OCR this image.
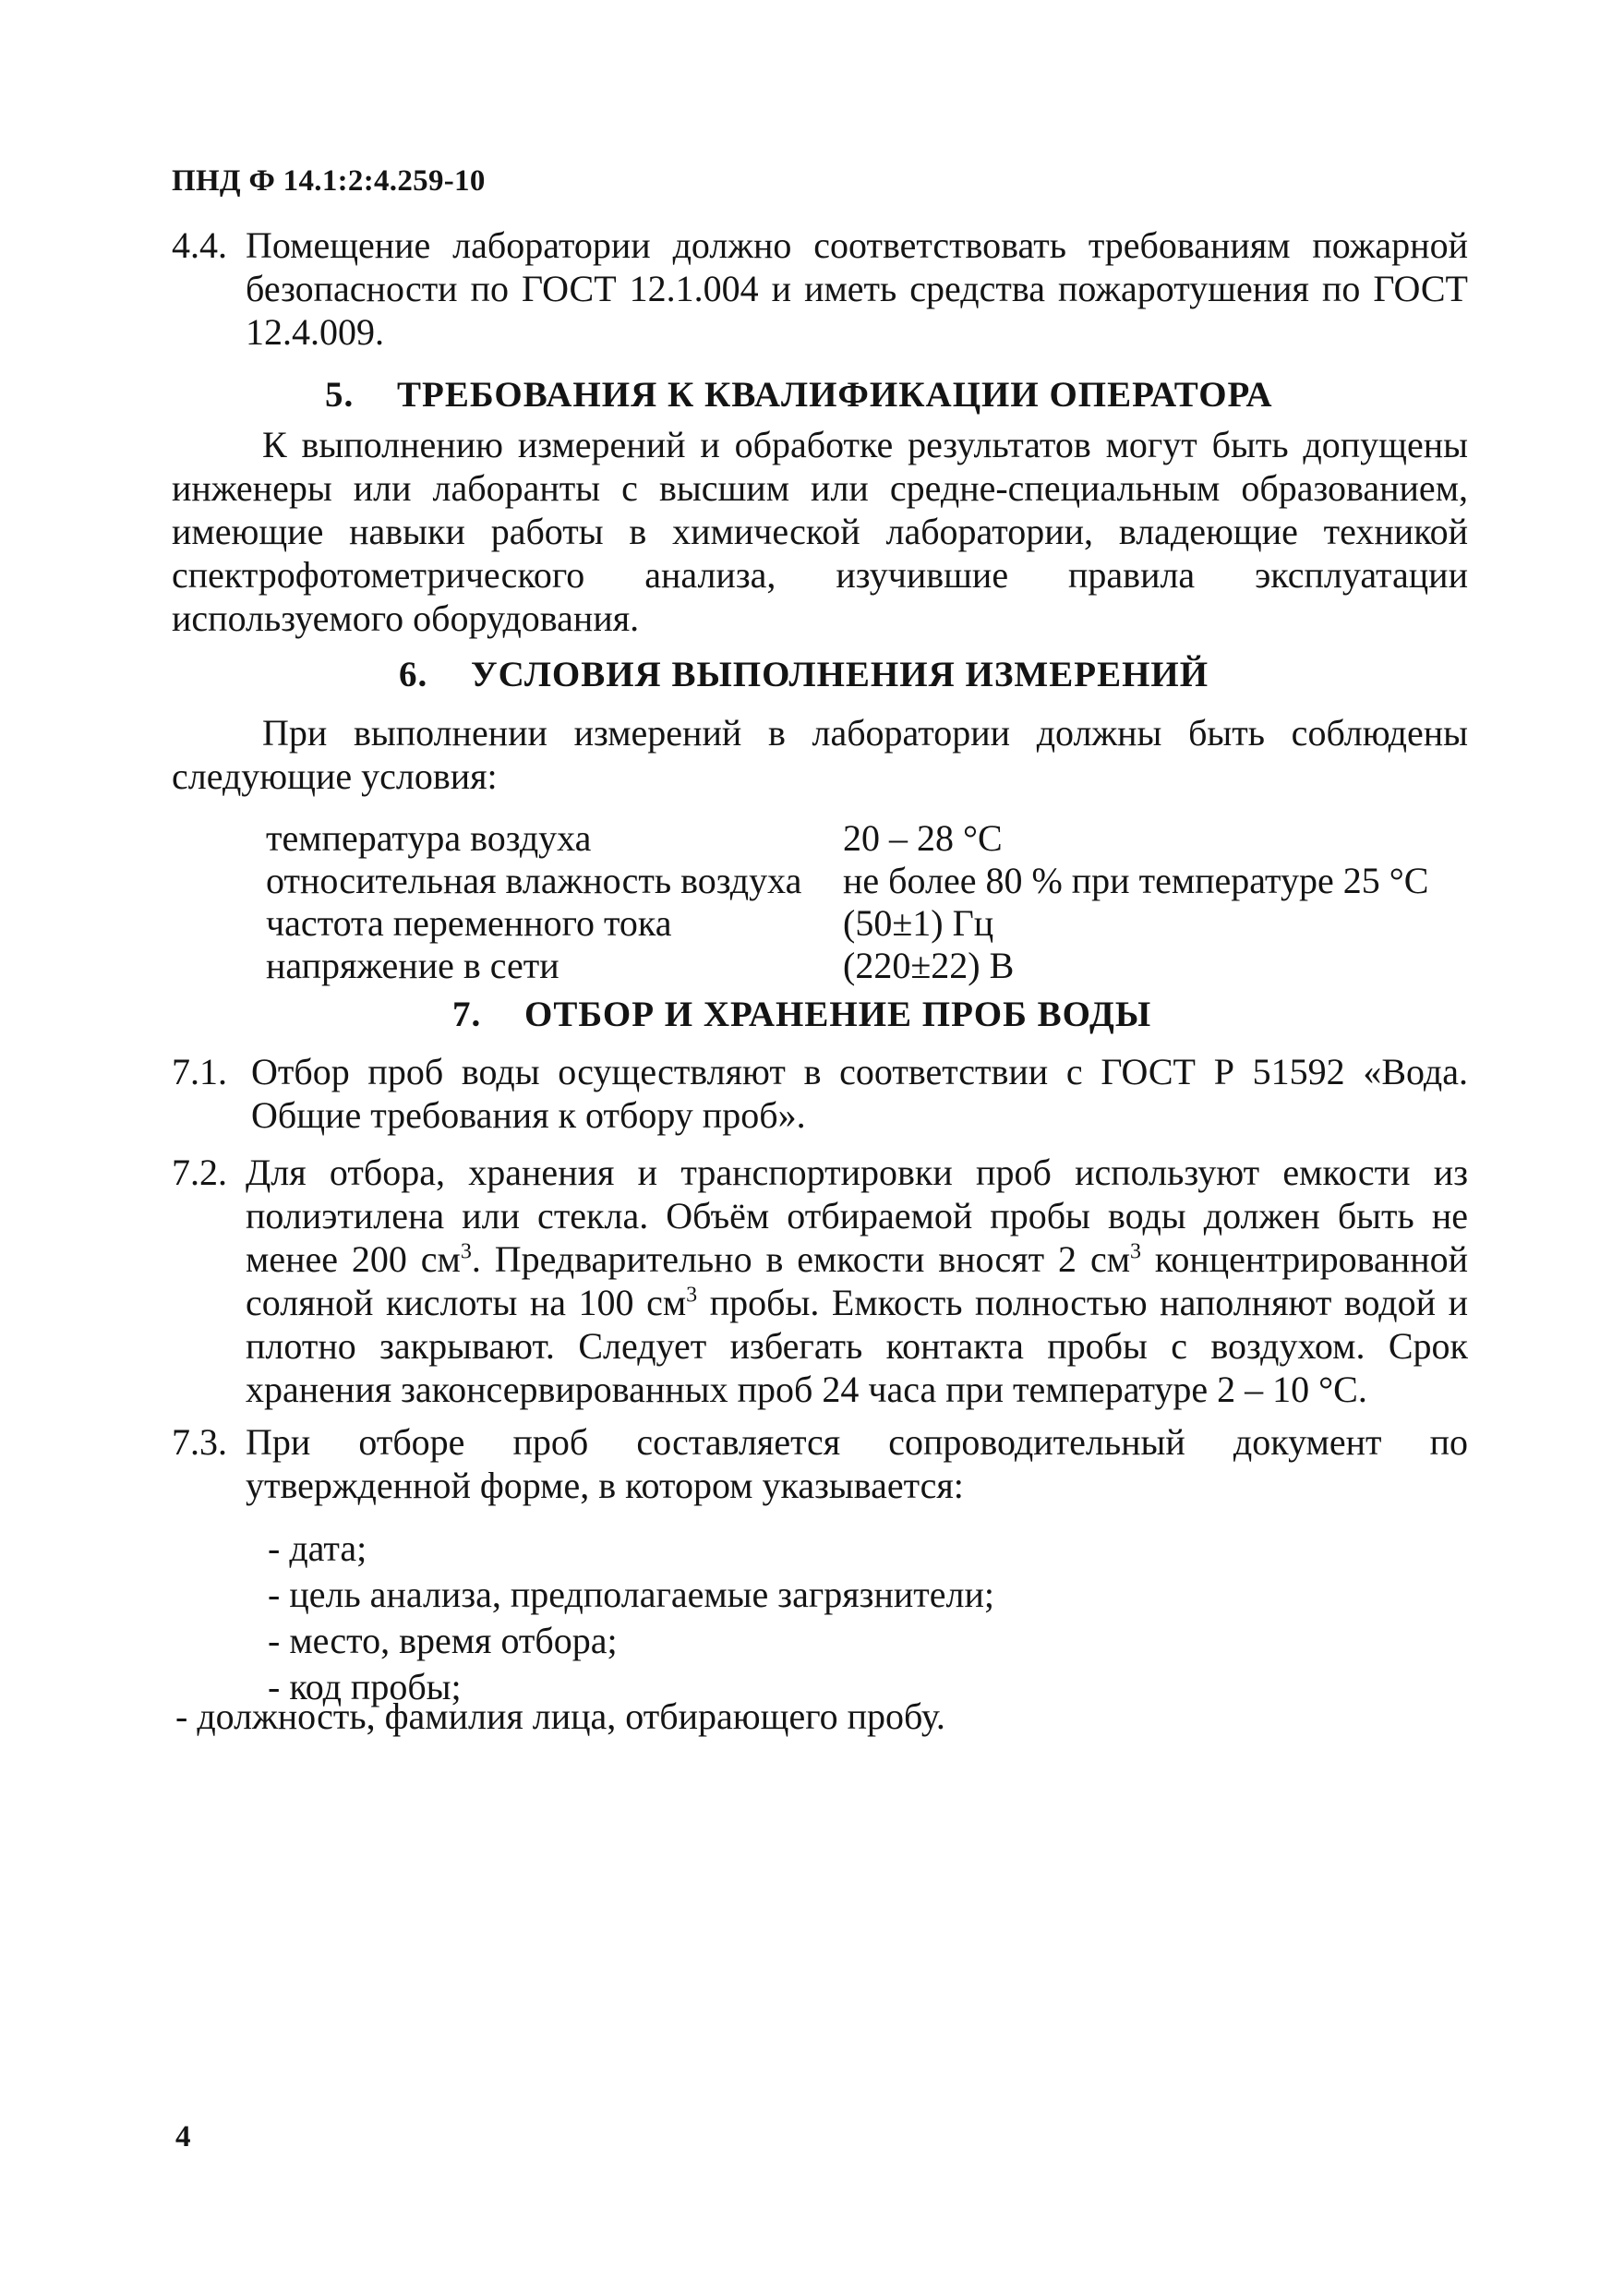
ПНД Ф 14.1:2:4.259-10
4.4. Помещение лаборатории должно соответствовать требованиям пожарной безопасности по ГОСТ 12.1.004 и иметь средства пожаротушения по ГОСТ 12.4.009.
5. ТРЕБОВАНИЯ К КВАЛИФИКАЦИИ ОПЕРАТОРА
К выполнению измерений и обработке результатов могут быть допущены инженеры или лаборанты с высшим или средне-специальным образованием, имеющие навыки работы в химической лаборатории, владеющие техникой спектрофотометрического анализа, изучившие правила эксплуатации используемого оборудования.
6. УСЛОВИЯ ВЫПОЛНЕНИЯ ИЗМЕРЕНИЙ
При выполнении измерений в лаборатории должны быть соблюдены следующие условия:
температура воздуха	20 – 28 °С
относительная влажность воздуха	не более 80 % при температуре 25 °С
частота переменного тока	(50±1) Гц
напряжение в сети	(220±22) В
7. ОТБОР И ХРАНЕНИЕ ПРОБ ВОДЫ
7.1. Отбор проб воды осуществляют в соответствии с ГОСТ Р 51592 «Вода. Общие требования к отбору проб».
7.2. Для отбора, хранения и транспортировки проб используют емкости из полиэтилена или стекла. Объём отбираемой пробы воды должен быть не менее 200 $см^3$. Предварительно в емкости вносят 2 $см^3$ концентрированной соляной кислоты на 100 $см^3$ пробы. Емкость полностью наполняют водой и плотно закрывают. Следует избегать контакта пробы с воздухом. Срок хранения законсервированных проб 24 часа при температуре 2 – 10 °С.
7.3. При отборе проб составляется сопроводительный документ по утвержденной форме, в котором указывается:
- дата;
- цель анализа, предполагаемые загрязнители;
- место, время отбора;
- код пробы;
- должность, фамилия лица, отбирающего пробу.
4
